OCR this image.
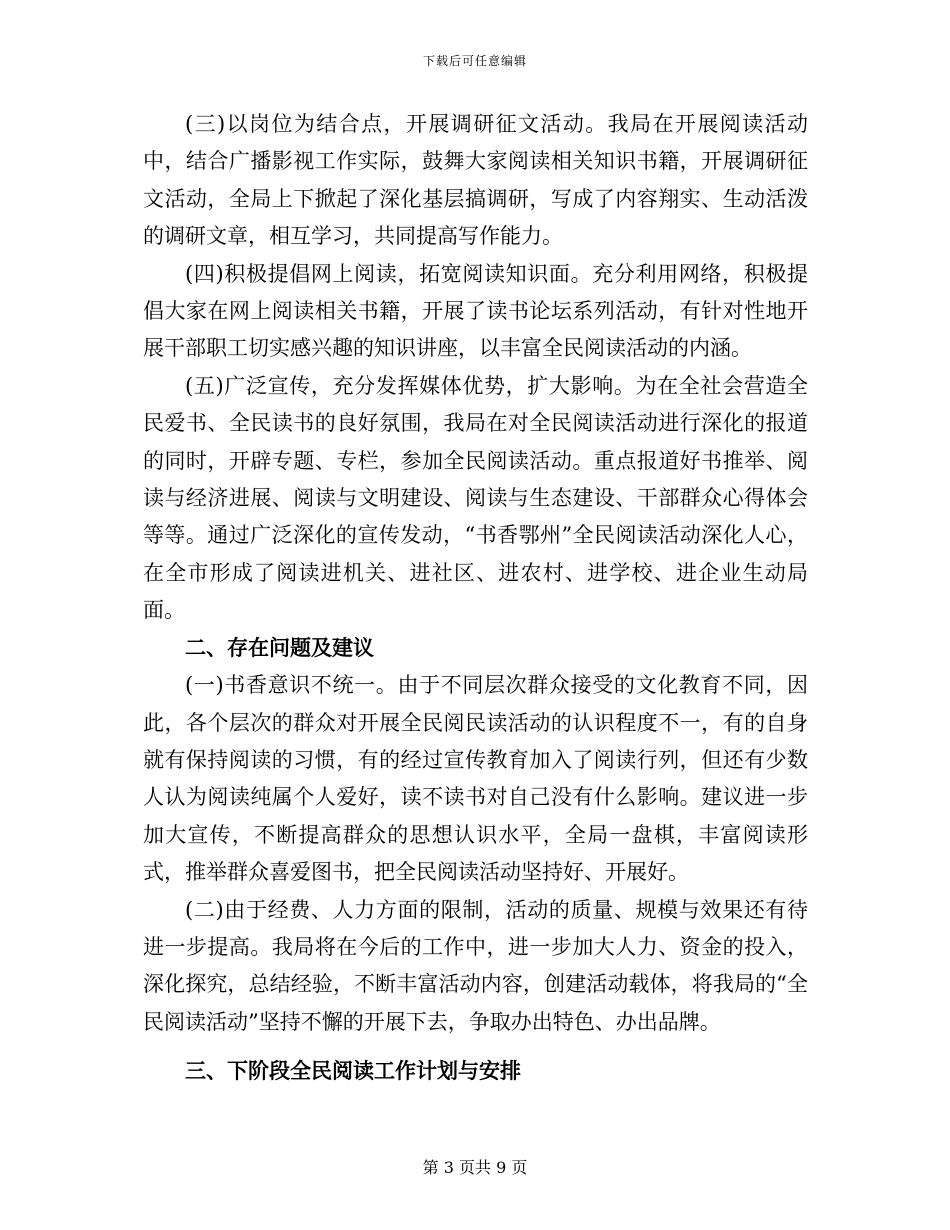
下载后可任意编辑

(三)以岗位为结合点，开展调研征文活动。我局在开展阅读活动中，结合广播影视工作实际，鼓舞大家阅读相关知识书籍，开展调研征文活动，全局上下掀起了深化基层搞调研，写成了内容翔实、生动活泼的调研文章，相互学习，共同提高写作能力。

(四)积极提倡网上阅读，拓宽阅读知识面。充分利用网络，积极提倡大家在网上阅读相关书籍，开展了读书论坛系列活动，有针对性地开展干部职工切实感兴趣的知识讲座，以丰富全民阅读活动的内涵。

(五)广泛宣传，充分发挥媒体优势，扩大影响。为在全社会营造全民爱书、全民读书的良好氛围，我局在对全民阅读活动进行深化的报道的同时，开辟专题、专栏，参加全民阅读活动。重点报道好书推举、阅读与经济进展、阅读与文明建设、阅读与生态建设、干部群众心得体会等等。通过广泛深化的宣传发动，“书香鄂州”全民阅读活动深化人心，在全市形成了阅读进机关、进社区、进农村、进学校、进企业生动局面。

二、存在问题及建议

(一)书香意识不统一。由于不同层次群众接受的文化教育不同，因此，各个层次的群众对开展全民阅民读活动的认识程度不一，有的自身就有保持阅读的习惯，有的经过宣传教育加入了阅读行列，但还有少数人认为阅读纯属个人爱好，读不读书对自己没有什么影响。建议进一步加大宣传，不断提高群众的思想认识水平，全局一盘棋，丰富阅读形式，推举群众喜爱图书，把全民阅读活动坚持好、开展好。

(二)由于经费、人力方面的限制，活动的质量、规模与效果还有待进一步提高。我局将在今后的工作中，进一步加大人力、资金的投入，深化探究，总结经验，不断丰富活动内容，创建活动载体，将我局的“全民阅读活动”坚持不懈的开展下去，争取办出特色、办出品牌。

三、下阶段全民阅读工作计划与安排

第 3 页共 9 页
